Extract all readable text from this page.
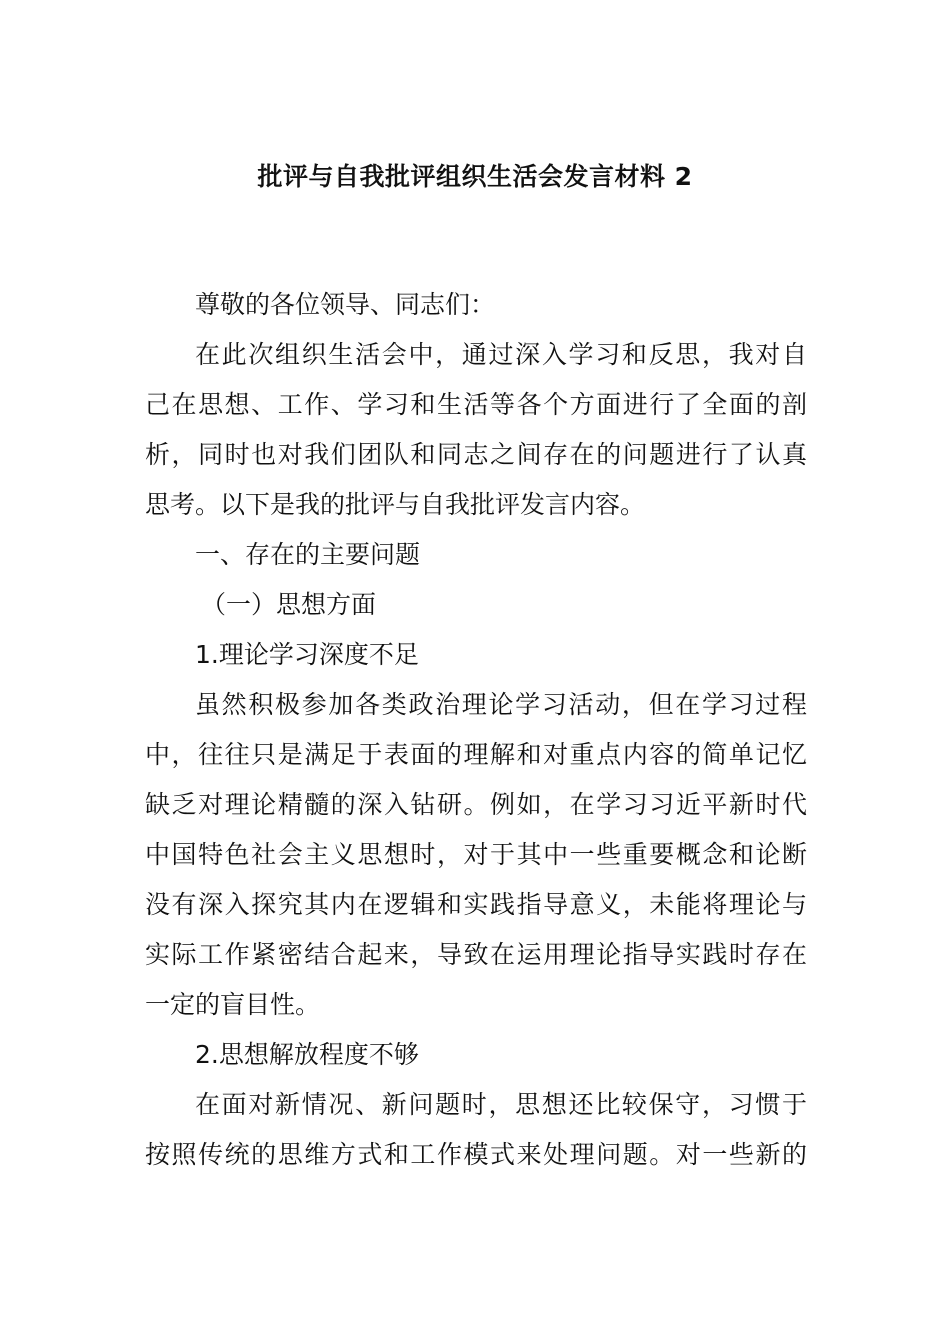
批评与自我批评组织生活会发言材料 2
尊敬的各位领导、同志们：
在此次组织生活会中，通过深入学习和反思，我对自
己在思想、工作、学习和生活等各个方面进行了全面的剖
析，同时也对我们团队和同志之间存在的问题进行了认真
思考。以下是我的批评与自我批评发言内容。
一、存在的主要问题
（一）思想方面
1.理论学习深度不足
虽然积极参加各类政治理论学习活动，但在学习过程
中，往往只是满足于表面的理解和对重点内容的简单记忆
缺乏对理论精髓的深入钻研。例如，在学习习近平新时代
中国特色社会主义思想时，对于其中一些重要概念和论断
没有深入探究其内在逻辑和实践指导意义，未能将理论与
实际工作紧密结合起来，导致在运用理论指导实践时存在
一定的盲目性。
2.思想解放程度不够
在面对新情况、新问题时，思想还比较保守，习惯于
按照传统的思维方式和工作模式来处理问题。对一些新的
